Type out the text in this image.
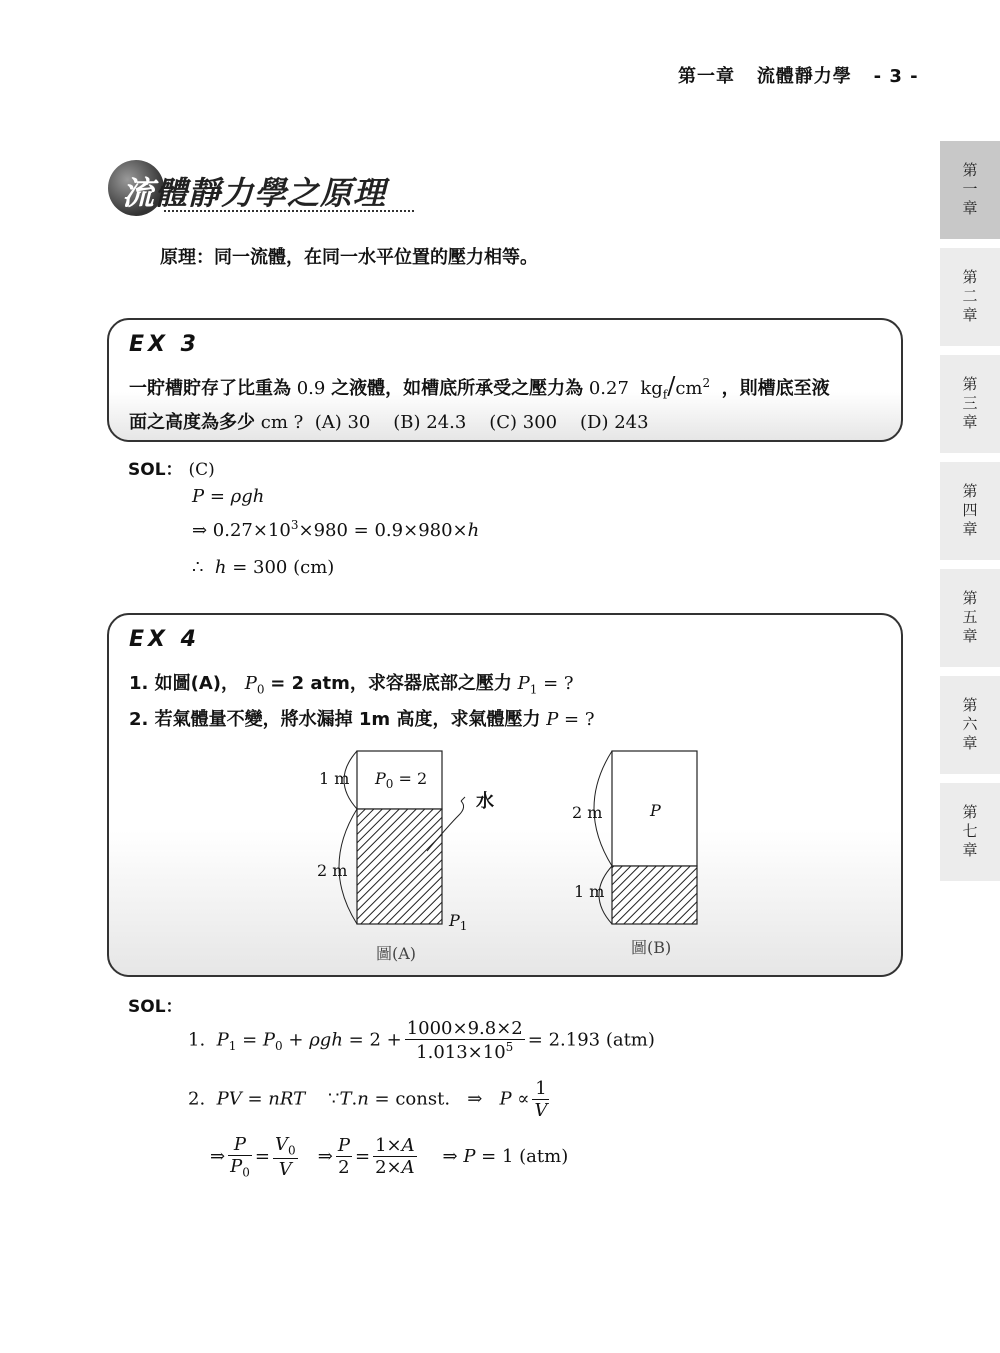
第一章 流體靜力學 - 3 -
第一章
第二章
第三章
第四章
第五章
第六章
第七章
流體靜力學之原理
原理：同一流體，在同一水平位置的壓力相等。
EX 3
一貯槽貯存了比重為 0.9 之液體，如槽底所承受之壓力為 0.27  $kg_f/cm^2$ ，則槽底至液
面之高度為多少 cm ? (A) 30    (B) 24.3    (C) 300    (D) 243
SOL： (C)
P = ρgh
⇒ $0.27\times 10^3\times 980 = 0.9\times 980\times h$
∴  h = 300 (cm)
EX 4
1. 如圖(A)， $P_0 = 2$ atm，求容器底部之壓力 $P_1$ = ?
2. 若氣體量不變，將水漏掉 1m 高度，求氣體壓力 P = ?
1 m $P_0 = 2$
2 m
水
$P_1$
圖(A)
2 m	P
1 m
圖(B)
SOL：
1.  $P_1 = P_0 + \rho gh = 2 + \frac{1000\times 9.8\times 2}{1.013\times 10^5} = 2.193$ (atm)
2.  PV = nRT    ∵T.n = const.   ⇒   $P \propto \frac{1}{V}$
⇒ $\frac{P}{P_0} = \frac{V_0}{V}$ ⇒ $\frac{P}{2} = \frac{1\times A}{2\times A}$ ⇒ P = 1 (atm)
